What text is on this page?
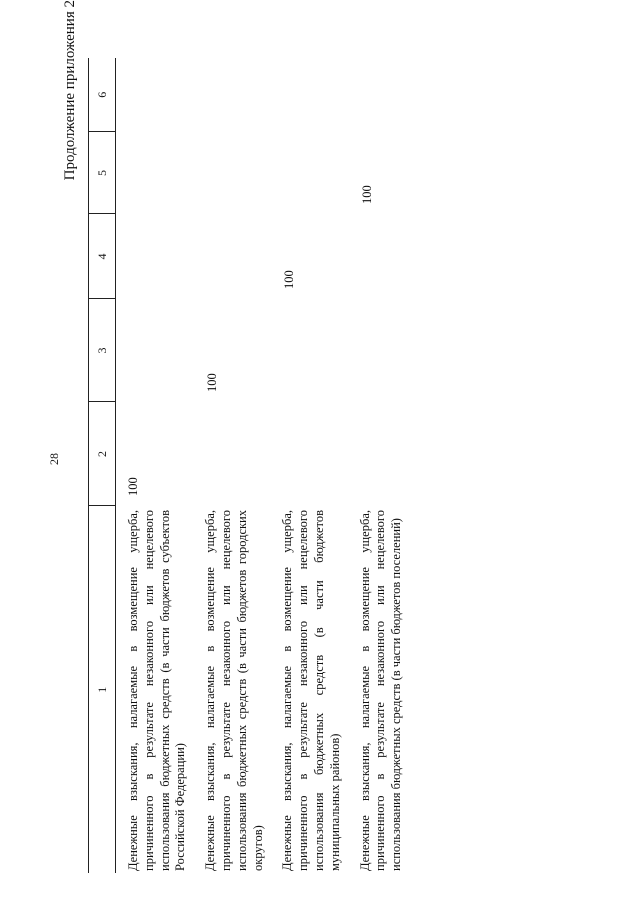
28
Продолжение приложения 2
1	2	3	4	5	6

Денежные взыскания, налагаемые в возмещение ущерба, причиненного в результате незаконного или нецелевого использования бюджетных средств (в части бюджетов субъектов Российской Федерации)	100				

Денежные взыскания, налагаемые в возмещение ущерба, причиненного в результате незаконного или нецелевого использования бюджетных средств (в части бюджетов городских округов)		100			

Денежные взыскания, налагаемые в возмещение ущерба, причиненного в результате незаконного или нецелевого использования бюджетных средств (в части бюджетов муниципальных районов)			100		

Денежные взыскания, налагаемые в возмещение ущерба, причиненного в результате незаконного или нецелевого использования бюджетных средств (в части бюджетов поселений)				100	
